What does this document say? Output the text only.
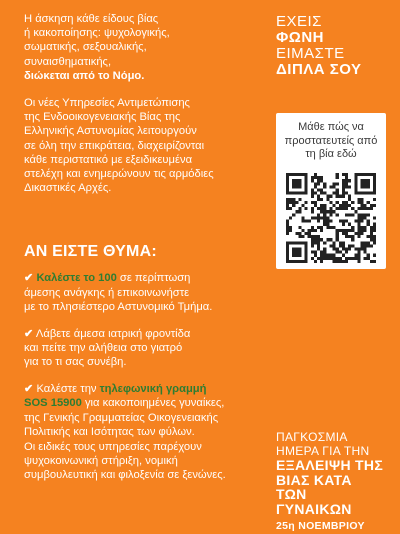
Η άσκηση κάθε είδους βίας

ή κακοποίησης: ψυχολογικής,

σωματικής, σεξουαλικής,

συναισθηματικής,

διώκεται από το Νόμο.

Οι νέες Υπηρεσίες Αντιμετώπισης

της Ενδοοικογενειακής Βίας της

Ελληνικής Αστυνομίας λειτουργούν

σε όλη την επικράτεια, διαχειρίζονται

κάθε περιστατικό με εξειδικευμένα

στελέχη και ενημερώνουν τις αρμόδιες

Δικαστικές Αρχές.

ΑΝ ΕΙΣΤΕ ΘΥΜΑ:

✔ Καλέστε το 100 σε περίπτωση

άμεσης ανάγκης ή επικοινωνήστε

με το πλησιέστερο Αστυνομικό Τμήμα.

✔ Λάβετε άμεσα ιατρική φροντίδα

και πείτε την αλήθεια στο γιατρό

για το τι σας συνέβη.

✔ Καλέστε την τηλεφωνική γραμμή

SOS 15900 για κακοποιημένες γυναίκες,

της Γενικής Γραμματείας Οικογενειακής

Πολιτικής και Ισότητας των φύλων.

Οι ειδικές τους υπηρεσίες παρέχουν

ψυχοκοινωνική στήριξη, νομική

συμβουλευτική και φιλοξενία σε ξενώνες.

ΕΧΕΙΣ
ΦΩΝΗ
ΕΙΜΑΣΤΕ
ΔΙΠΛΑ ΣΟΥ
Μάθε πώς να προστατευτείς από τη βία εδώ
ΠΑΓΚΟΣΜΙΑ
ΗΜΕΡΑ ΓΙΑ ΤΗΝ
ΕΞΑΛΕΙΨΗ ΤΗΣ
ΒΙΑΣ ΚΑΤΑ ΤΩΝ
ΓΥΝΑΙΚΩΝ
25η ΝΟΕΜΒΡΙΟΥ
